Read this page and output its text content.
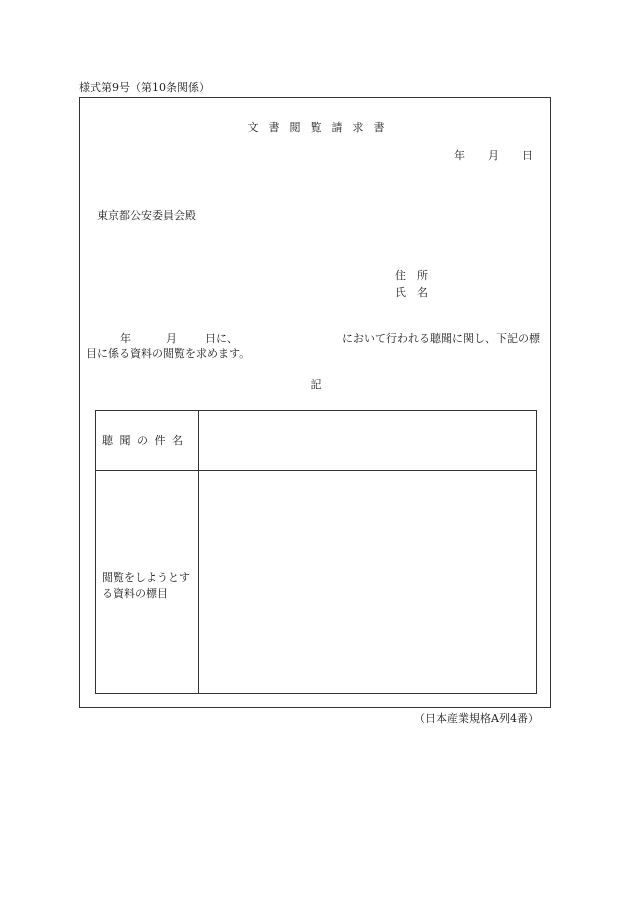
様式第9号（第10条関係）
文 書 閲 覧 請 求 書
年 月 日
東京都公安委員会殿
住 所
氏 名
年	月	日に、	において行われる聴聞に関し、下記の標
目に係る資料の閲覧を求めます。
記
聴 聞 の 件 名
閲覧をしようとする資料の標目
（日本産業規格A列4番）
